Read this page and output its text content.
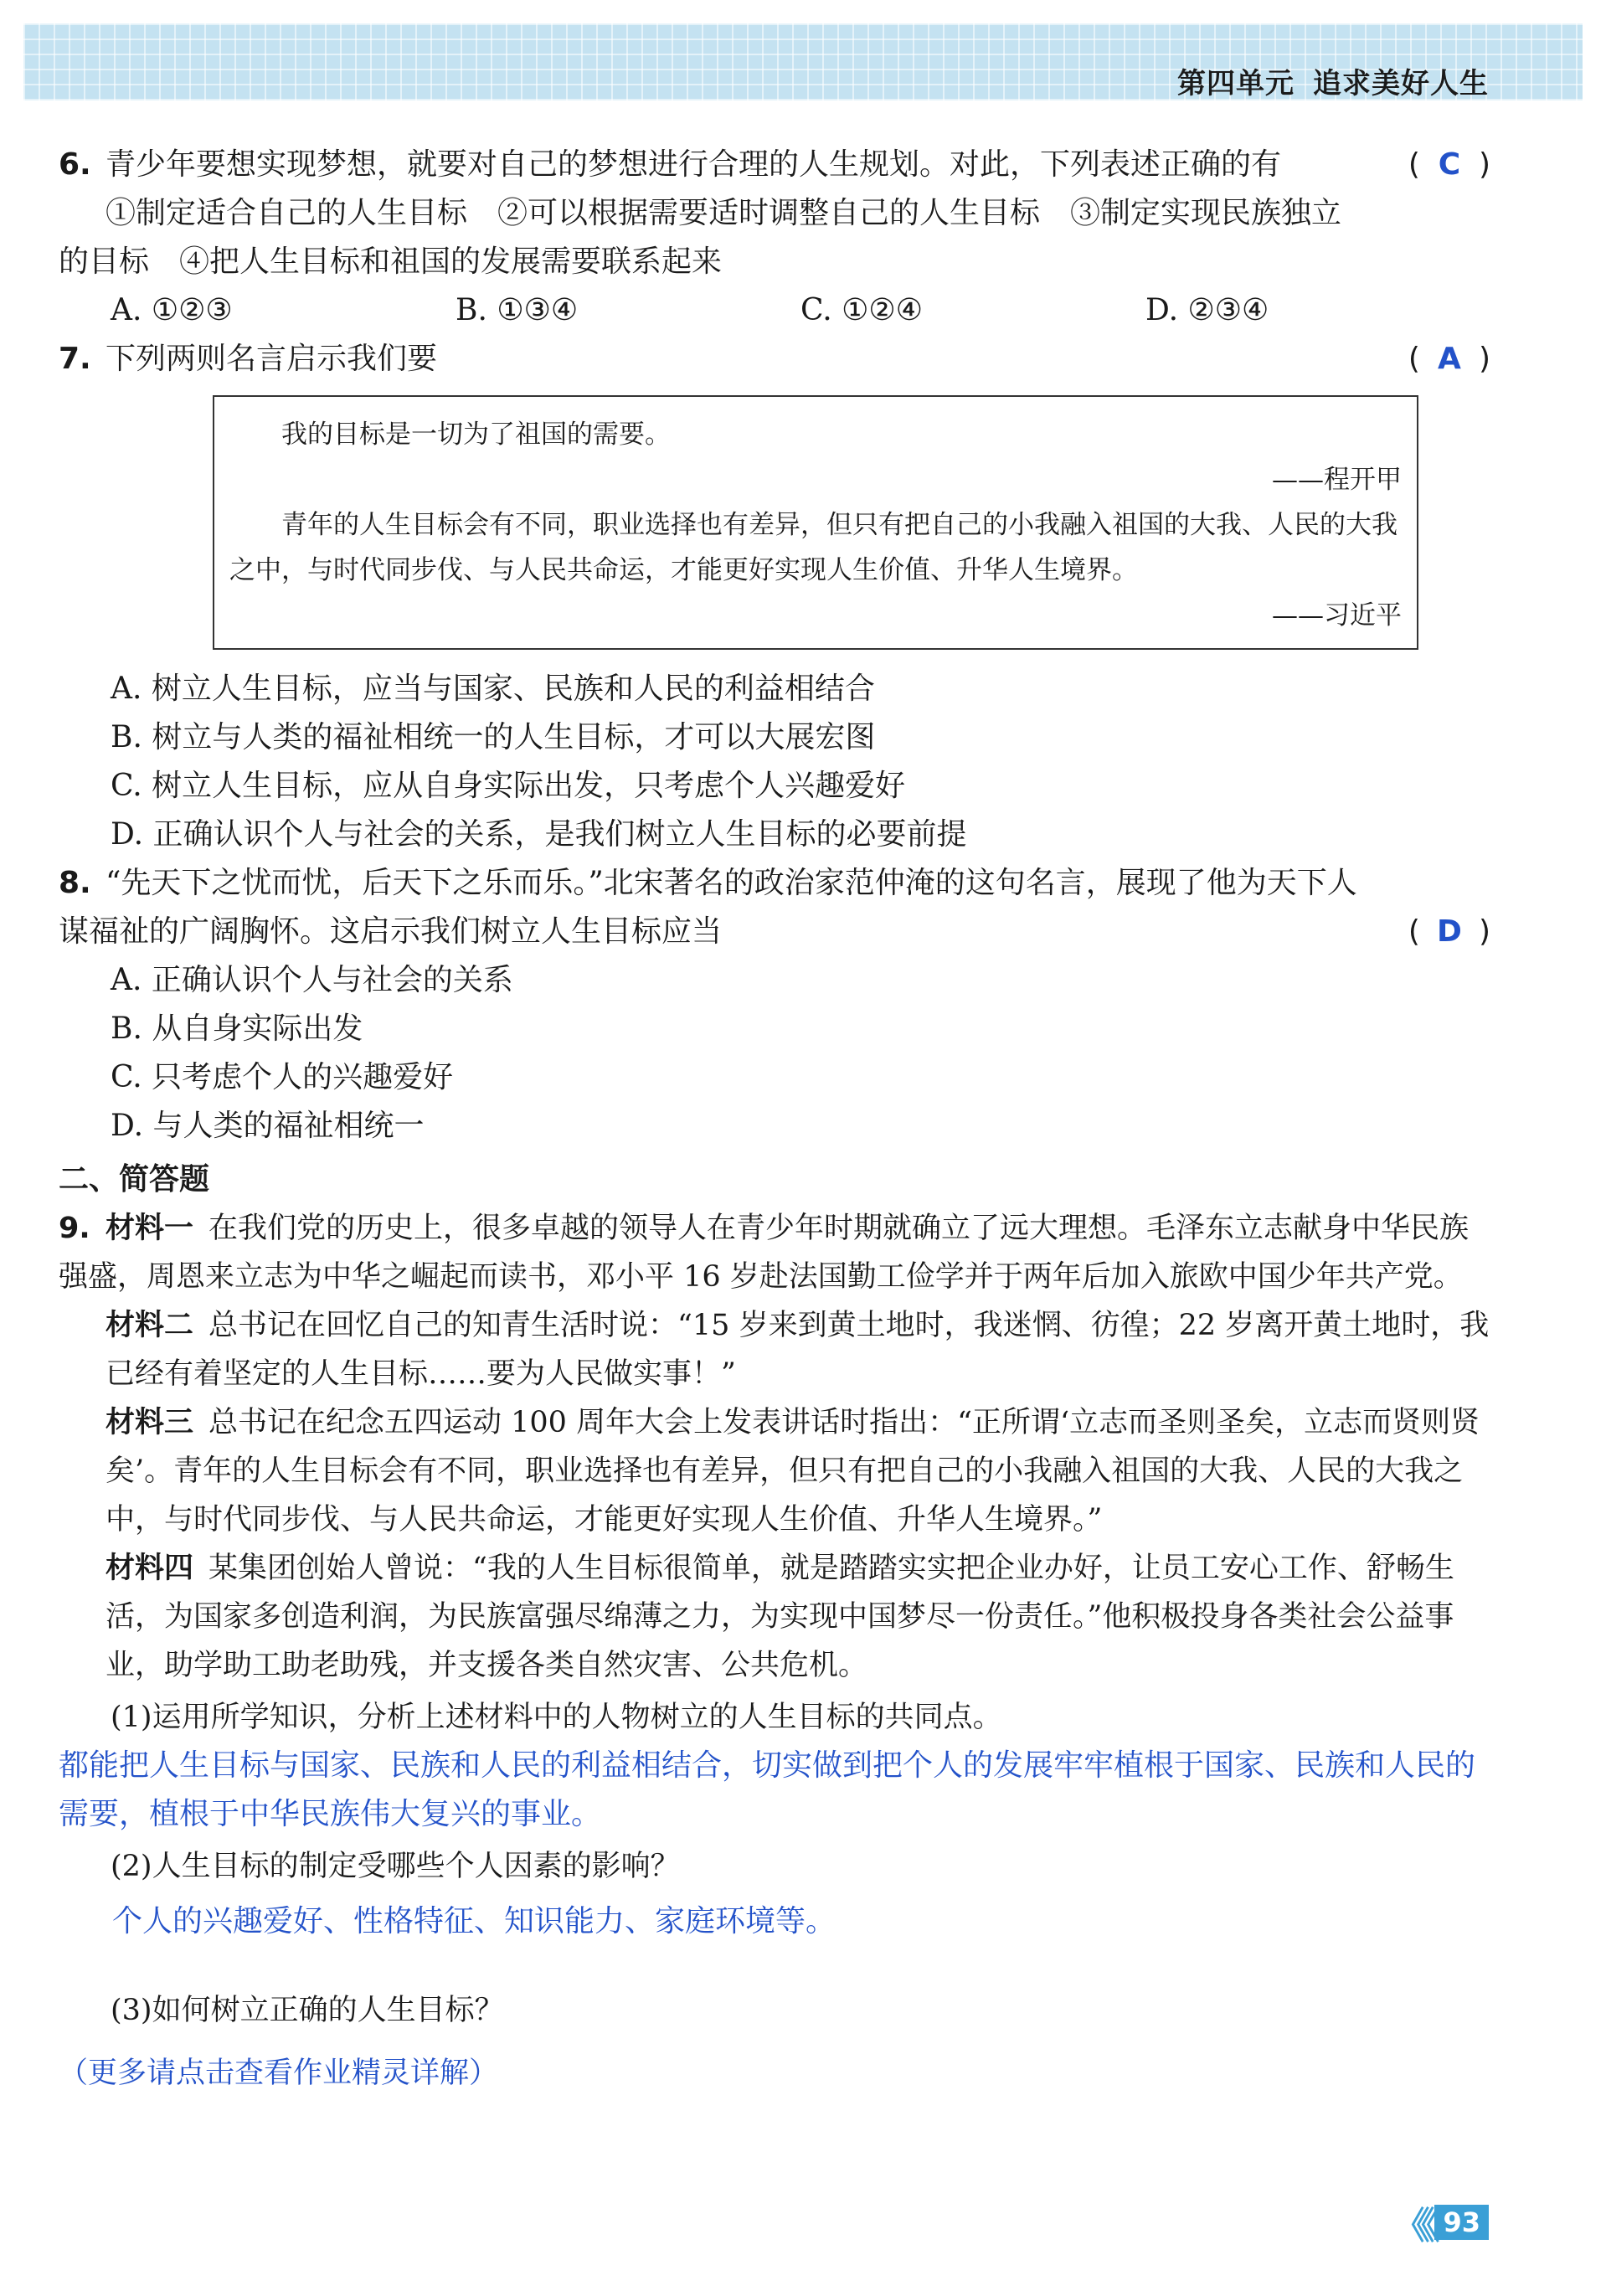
第四单元 追求美好人生
6. 青少年要想实现梦想，就要对自己的梦想进行合理的人生规划。对此，下列表述正确的有	( C )
①制定适合自己的人生目标　②可以根据需要适时调整自己的人生目标　③制定实现民族独立
的目标　④把人生目标和祖国的发展需要联系起来
A. ①②③	B. ①③④	C. ①②④	D. ②③④
7. 下列两则名言启示我们要	( A )

我的目标是一切为了祖国的需要。

——程开甲

青年的人生目标会有不同，职业选择也有差异，但只有把自己的小我融入祖国的大我、人民的大我之中，与时代同步伐、与人民共命运，才能更好实现人生价值、升华人生境界。

——习近平

A. 树立人生目标，应当与国家、民族和人民的利益相结合
B. 树立与人类的福祉相统一的人生目标，才可以大展宏图
C. 树立人生目标，应从自身实际出发，只考虑个人兴趣爱好
D. 正确认识个人与社会的关系，是我们树立人生目标的必要前提
8. “先天下之忧而忧，后天下之乐而乐。”北宋著名的政治家范仲淹的这句名言，展现了他为天下人
谋福祉的广阔胸怀。这启示我们树立人生目标应当	( D )
A. 正确认识个人与社会的关系
B. 从自身实际出发
C. 只考虑个人的兴趣爱好
D. 与人类的福祉相统一
二、简答题
9. 材料一 在我们党的历史上，很多卓越的领导人在青少年时期就确立了远大理想。毛泽东立志献身中华民族强盛，周恩来立志为中华之崛起而读书，邓小平 16 岁赴法国勤工俭学并于两年后加入旅欧中国少年共产党。

材料二 总书记在回忆自己的知青生活时说：“15 岁来到黄土地时，我迷惘、彷徨；22 岁离开黄土地时，我已经有着坚定的人生目标……要为人民做实事！”

材料三 总书记在纪念五四运动 100 周年大会上发表讲话时指出：“正所谓‘立志而圣则圣矣，立志而贤则贤矣’。青年的人生目标会有不同，职业选择也有差异，但只有把自己的小我融入祖国的大我、人民的大我之中，与时代同步伐、与人民共命运，才能更好实现人生价值、升华人生境界。”

材料四 某集团创始人曾说：“我的人生目标很简单，就是踏踏实实把企业办好，让员工安心工作、舒畅生活，为国家多创造利润，为民族富强尽绵薄之力，为实现中国梦尽一份责任。”他积极投身各类社会公益事业，助学助工助老助残，并支援各类自然灾害、公共危机。

(1)运用所学知识，分析上述材料中的人物树立的人生目标的共同点。
都能把人生目标与国家、民族和人民的利益相结合，切实做到把个人的发展牢牢植根于国家、民族和人民的需要，植根于中华民族伟大复兴的事业。
(2)人生目标的制定受哪些个人因素的影响？
个人的兴趣爱好、性格特征、知识能力、家庭环境等。
(3)如何树立正确的人生目标？
（更多请点击查看作业精灵详解）
《《 93
